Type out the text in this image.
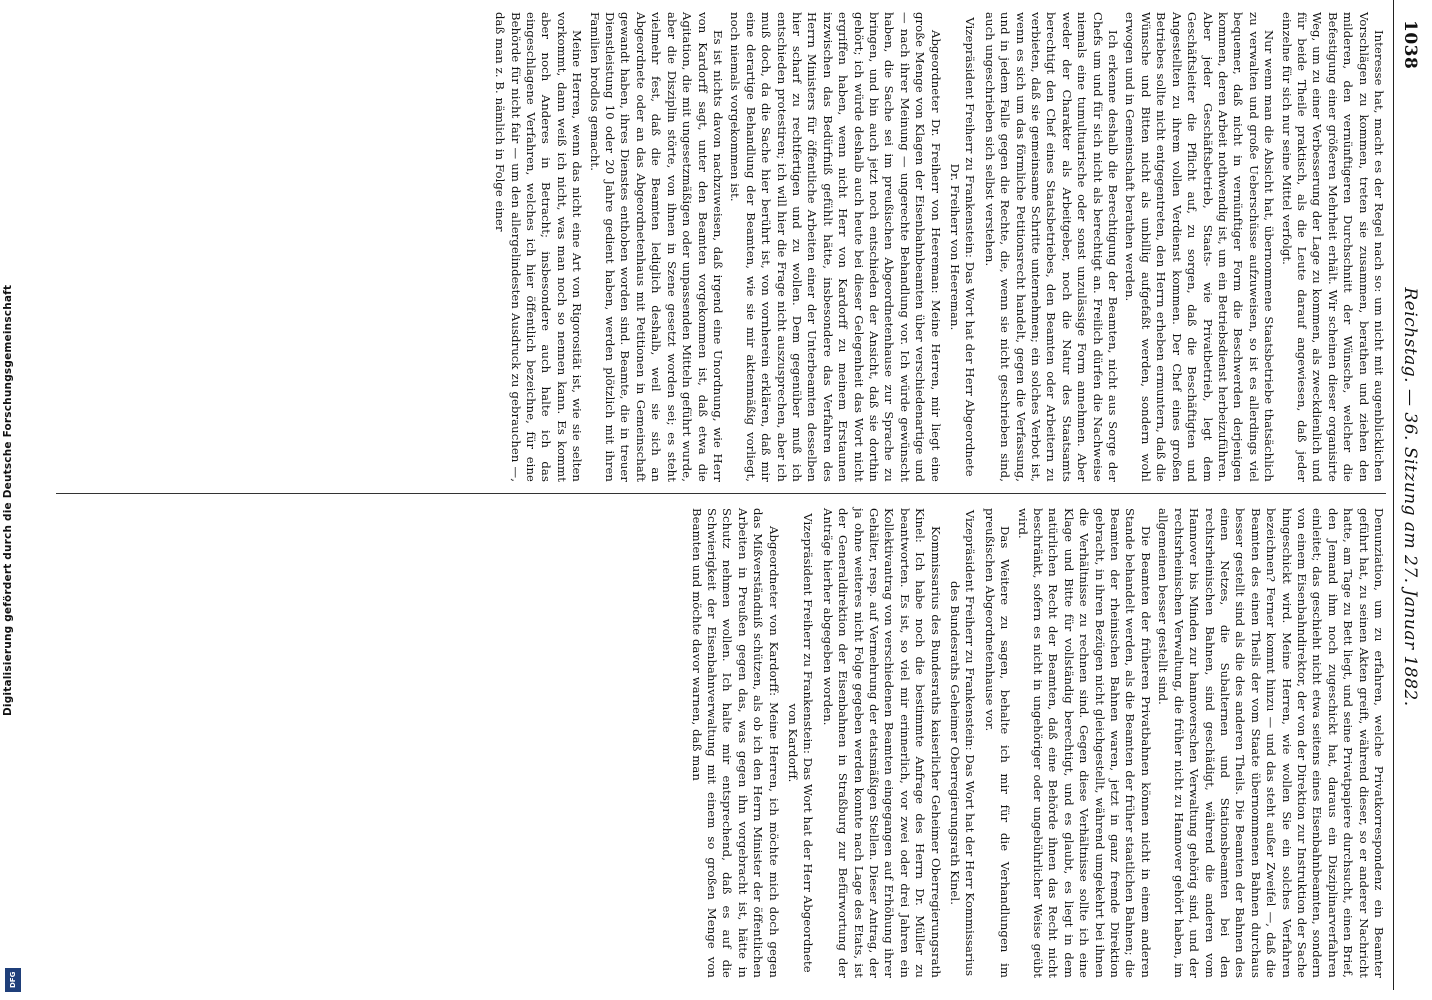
1038
Reichstag. — 36. Sitzung am 27. Januar 1882.

Interesse hat, macht es der Regel nach so: um nicht mit augenblicklichen Vorschlägen zu kommen, treten sie zusammen, berathen und ziehen den milderen, den vernünftigeren Durchschnitt der Wünsche, welcher die Befestigung einer größeren Mehrheit erhält. Wir scheinen dieser organisirte Weg, um zu einer Verbesserung der Lage zu kommen, als zweckdienlich und für beide Theile praktisch, als die Leute darauf angewiesen, daß jeder einzelne für sich nur seine Mittel verfolgt.

Nur wenn man die Absicht hat, übernommene Staatsbetriebe thatsächlich zu verwalten und große Ueberschüsse aufzuweisen, so ist es allerdings viel bequemer, daß nicht in vernünftiger Form die Beschwerden derjenigen kommen, deren Arbeit nothwendig ist, um ein Betriebsdienst herbeizuführen. Aber jeder Geschäftsbetrieb, Staats- wie Privatbetrieb, legt dem Geschäftsleiter die Pflicht auf, zu sorgen, daß die Beschäftigten und Angestellten zu ihrem vollen Verdienst kommen. Der Chef eines großen Betriebes sollte nicht entgegentreten, den Herrn erheben ermuntern, daß die Wünsche und Bitten nicht als unbillig aufgefaßt werden, sondern wohl erwogen und in Gemeinschaft berathen werden.

Ich erkenne deshalb die Berechtigung der Beamten, nicht aus Sorge der Chefs um und für sich nicht als berechtigt an. Freilich dürfen die Nachweise niemals eine tumultuarische oder sonst unzulässige Form annehmen. Aber weder der Charakter als Arbeitgeber, noch die Natur des Staatsamts berechtigt den Chef eines Staatsbetriebes, den Beamten oder Arbeitern zu verbieten, daß sie gemeinsame Schritte unternehmen; ein solches Verbot ist, wenn es sich um das förmliche Petitionsrecht handelt, gegen die Verfassung, und in jedem Falle gegen die Rechte, die, wenn sie nicht geschrieben sind, auch ungeschrieben sich selbst verstehen.

Vizepräsident Freiherr zu Frankenstein: Das Wort hat der Herr Abgeordnete Dr. Freiherr von Heereman.

Abgeordneter Dr. Freiherr von Heereman: Meine Herren, mir liegt eine große Menge von Klagen der Eisenbahnbeamten über verschiedenartige und — nach ihrer Meinung — ungerechte Behandlung vor. Ich würde gewünscht haben, die Sache sei im preußischen Abgeordnetenhause zur Sprache zu bringen, und bin auch jetzt noch entschieden der Ansicht, daß sie dorthin gehört; ich würde deshalb auch heute bei dieser Gelegenheit das Wort nicht ergriffen haben, wenn nicht Herr von Kardorff zu meinem Erstaunen inzwischen das Bedürfniß gefühlt hätte, insbesondere das Verfahren des Herrn Ministers für öffentliche Arbeiten einer der Unterbeamten desselben hier scharf zu rechtfertigen und zu wollen. Dem gegenüber muß ich entschieden protestiren; ich will hier die Frage nicht auszusprechen, aber ich muß doch, da die Sache hier berührt ist, von vornherein erklären, daß mir eine derartige Behandlung der Beamten, wie sie mir aktenmäßig vorliegt, noch niemals vorgekommen ist.

Es ist nichts davon nachzuweisen, daß irgend eine Unordnung, wie Herr von Kardorff sagt, unter den Beamten vorgekommen ist, daß etwa die Agitation, die mit ungesetzmäßigen oder unpassenden Mitteln geführt wurde, aber die Disziplin störte, von ihnen in Szene gesetzt worden sei; es steht vielmehr fest, daß die Beamten lediglich deshalb, weil sie sich an Abgeordnete oder an das Abgeordnetenhaus mit Petitionen in Gemeinschaft gewandt haben, ihres Dienstes enthoben worden sind. Beamte, die in treuer Dienstleistung 10 oder 20 Jahre gedient haben, werden plötzlich mit ihren Familien brodlos gemacht.

Meine Herren, wenn das nicht eine Art von Rigorosität ist, wie sie selten vorkommt, dann weiß ich nicht, was man noch so nennen kann. Es kommt aber noch Anderes in Betracht; insbesondere auch halte ich das eingeschlagene Verfahren, welches ich hier öffentlich bezeichne, für eine Behörde für nicht fair — um den allergelindesten Ausdruck zu gebrauchen —, daß man z. B. nämlich in Folge einer

Denunziation, um zu erfahren, welche Privatkorrespondenz ein Beamter geführt hat, zu seinen Akten greift, während dieser, so er anderer Nachricht hatte, am Tage zu Bett liegt, und seine Privatpapiere durchsucht, einen Brief, den Jemand ihm noch zugeschickt hat, daraus ein Disziplinarverfahren einleitet; das geschieht nicht etwa seitens eines Eisenbahnbeamten, sondern von einem Eisenbahndirektor, der von der Direktion zur Instruktion der Sache hingeschickt wird. Meine Herren, wie wollen Sie ein solches Verfahren bezeichnen? Ferner kommt hinzu — und das steht außer Zweifel —, daß die Beamten des einen Theils der vom Staate übernommenen Bahnen durchaus besser gestellt sind als die des anderen Theils. Die Beamten der Bahnen des einen Netzes, die Subalternen und Stationsbeamten bei den rechtsrheinischen Bahnen, sind geschädigt, während die anderen vom Hannover bis Minden zur hannoverschen Verwaltung gehörig sind, und der rechtsrheinischen Verwaltung, die früher nicht zu Hannover gehört haben, im allgemeinen besser gestellt sind.

Die Beamten der früheren Privatbahnen können nicht in einem anderen Stande behandelt werden, als die Beamten der früher staatlichen Bahnen; die Beamten der rheinischen Bahnen waren, jetzt in ganz fremde Direktion gebracht, in ihren Bezügen nicht gleichgestellt, während umgekehrt bei ihnen die Verhältnisse zu rechnen sind. Gegen diese Verhältnisse sollte ich eine Klage und Bitte für vollständig berechtigt, und es glaubt, es liegt in dem natürlichen Recht der Beamten, daß eine Behörde ihnen das Recht nicht beschränkt, sofern es nicht in ungehöriger oder ungebührlicher Weise geübt wird.

Das Weitere zu sagen, behalte ich mir für die Verhandlungen im preußischen Abgeordnetenhause vor.

Vizepräsident Freiherr zu Frankenstein: Das Wort hat der Herr Kommissarius des Bundesraths Geheimer Oberregierungsrath Kinel.

Kommissarius des Bundesraths kaiserlicher Geheimer Oberregierungsrath Kinel: Ich habe noch die bestimmte Anfrage des Herrn Dr. Müller zu beantworten. Es ist, so viel mir erinnerlich, vor zwei oder drei Jahren ein Kollektivantrag von verschiedenen Beamten eingegangen auf Erhöhung ihrer Gehälter, resp. auf Vermehrung der etatsmäßigen Stellen. Dieser Antrag, der ja ohne weiteres nicht Folge gegeben werden konnte nach Lage des Etats, ist der Generaldirektion der Eisenbahnen in Straßburg zur Befürwortung der Anträge hierher abgegeben worden.

Vizepräsident Freiherr zu Frankenstein: Das Wort hat der Herr Abgeordnete von Kardorff.

Abgeordneter von Kardorff: Meine Herren, ich möchte mich doch gegen das Mißverständniß schützen, als ob ich den Herrn Minister der öffentlichen Arbeiten in Preußen gegen das, was gegen ihn vorgebracht ist, hätte in Schutz nehmen wollen. Ich halte mir entsprechend, daß es auf die Schwierigkeit der Eisenbahnverwaltung mit einem so großen Menge von Beamten und möchte davor warnen, daß man

Digitalisierung gefördert durch die Deutsche Forschungsgemeinschaft
DFG
